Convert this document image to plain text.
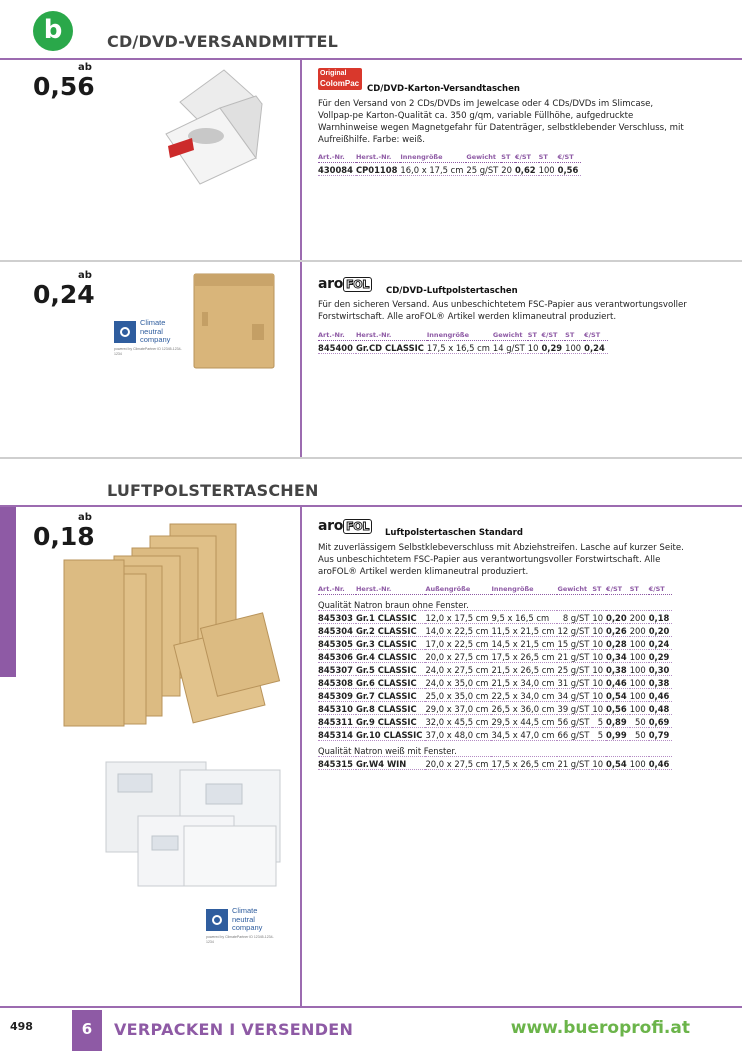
b	CD/DVD-VERSANDMITTEL
ab
0,56	Original
ColomPac
CD/DVD-Karton-Versandtaschen
Für den Versand von 2 CDs/DVDs im Jewelcase oder 4 CDs/DVDs im Slimcase, Vollpap-pe Karton-Qualität ca. 350 g/qm, variable Füllhöhe, aufgedruckte Warnhinweise wegen Magnetgefahr für Datenträger, selbstklebender Verschluss, mit Aufreißhilfe. Farbe: weiß.
Art.-Nr.	Herst.-Nr.	Innengröße	Gewicht	ST	€/ST	ST	€/ST
430084	CP01108	16,0 x 17,5 cm	25 g/ST	20	0,62	100	0,56
ab
0,24
Climate
neutral
company
powered by ClimatePartner ID 12345-1234-1234
aro FOL	CD/DVD-Luftpolstertaschen
Für den sicheren Versand. Aus unbeschichtetem FSC-Papier aus verantwortungsvoller Forstwirtschaft. Alle aroFOL® Artikel werden klimaneutral produziert.
Art.-Nr.	Herst.-Nr.	Innengröße	Gewicht	ST	€/ST	ST	€/ST
845400	Gr.CD CLASSIC	17,5 x 16,5 cm	14 g/ST	10	0,29	100	0,24
LUFTPOLSTERTASCHEN
ab
0,18
Climate
neutral
company
powered by ClimatePartner ID 12345-1234-1234
aro FOL	Luftpolstertaschen Standard
Mit zuverlässigem Selbstklebeverschluss mit Abziehstreifen. Lasche auf kurzer Seite. Aus unbeschichtetem FSC-Papier aus verantwortungsvoller Forstwirtschaft. Alle aroFOL® Artikel werden klimaneutral produziert.
Art.-Nr.	Herst.-Nr.	Außengröße	Innengröße	Gewicht	ST	€/ST	ST	€/ST
Qualität Natron braun ohne Fenster.								
845303	Gr.1 CLASSIC	12,0 x 17,5 cm	9,5 x 16,5 cm	8 g/ST	10	0,20	200	0,18
845304	Gr.2 CLASSIC	14,0 x 22,5 cm	11,5 x 21,5 cm	12 g/ST	10	0,26	200	0,20
845305	Gr.3 CLASSIC	17,0 x 22,5 cm	14,5 x 21,5 cm	15 g/ST	10	0,28	100	0,24
845306	Gr.4 CLASSIC	20,0 x 27,5 cm	17,5 x 26,5 cm	21 g/ST	10	0,34	100	0,29
845307	Gr.5 CLASSIC	24,0 x 27,5 cm	21,5 x 26,5 cm	25 g/ST	10	0,38	100	0,30
845308	Gr.6 CLASSIC	24,0 x 35,0 cm	21,5 x 34,0 cm	31 g/ST	10	0,46	100	0,38
845309	Gr.7 CLASSIC	25,0 x 35,0 cm	22,5 x 34,0 cm	34 g/ST	10	0,54	100	0,46
845310	Gr.8 CLASSIC	29,0 x 37,0 cm	26,5 x 36,0 cm	39 g/ST	10	0,56	100	0,48
845311	Gr.9 CLASSIC	32,0 x 45,5 cm	29,5 x 44,5 cm	56 g/ST	5	0,89	50	0,69
845314	Gr.10 CLASSIC	37,0 x 48,0 cm	34,5 x 47,0 cm	66 g/ST	5	0,99	50	0,79
Qualität Natron weiß mit Fenster.								
845315	Gr.W4 WIN	20,0 x 27,5 cm	17,5 x 26,5 cm	21 g/ST	10	0,54	100	0,46
498	6	VERPACKEN I VERSENDEN	www.bueroprofi.at
